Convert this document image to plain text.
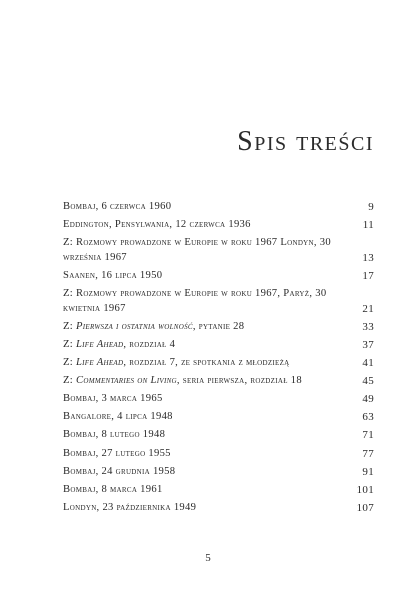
Spis treści
Bombaj, 6 czerwca 1960	9
Eddington, Pensylwania, 12 czerwca 1936	11
Z: Rozmowy prowadzone w Europie w roku 1967 Londyn, 30 września 1967	13
Saanen, 16 lipca 1950	17
Z: Rozmowy prowadzone w Europie w roku 1967, Paryż, 30 kwietnia 1967	21
Z: Pierwsza i ostatnia wolność, pytanie 28	33
Z: Life Ahead, rozdział 4	37
Z: Life Ahead, rozdział 7, ze spotkania z młodzieżą	41
Z: Commentaries on Living, seria pierwsza, rozdział 18	45
Bombaj, 3 marca 1965	49
Bangalore, 4 lipca 1948	63
Bombaj, 8 lutego 1948	71
Bombaj, 27 lutego 1955	77
Bombaj, 24 grudnia 1958	91
Bombaj, 8 marca 1961	101
Londyn, 23 października 1949	107
5
